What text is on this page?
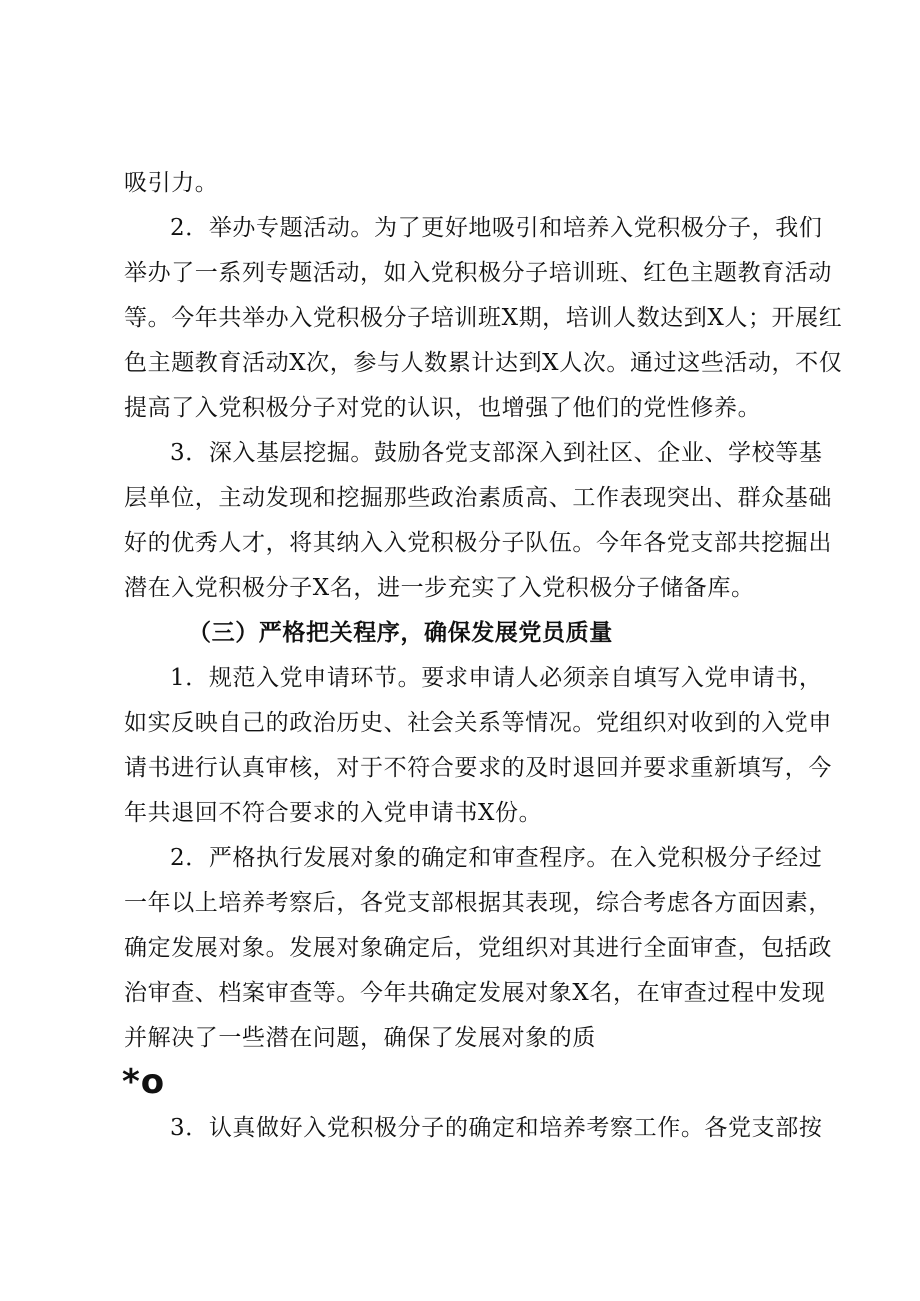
吸引力。
2．举办专题活动。为了更好地吸引和培养入党积极分子，我们
举办了一系列专题活动，如入党积极分子培训班、红色主题教育活动
等。今年共举办入党积极分子培训班X期，培训人数达到X人；开展红
色主题教育活动X次，参与人数累计达到X人次。通过这些活动，不仅
提高了入党积极分子对党的认识，也增强了他们的党性修养。
3．深入基层挖掘。鼓励各党支部深入到社区、企业、学校等基
层单位，主动发现和挖掘那些政治素质高、工作表现突出、群众基础
好的优秀人才，将其纳入入党积极分子队伍。今年各党支部共挖掘出
潜在入党积极分子X名，进一步充实了入党积极分子储备库。
（三）严格把关程序，确保发展党员质量
1．规范入党申请环节。要求申请人必须亲自填写入党申请书，
如实反映自己的政治历史、社会关系等情况。党组织对收到的入党申
请书进行认真审核，对于不符合要求的及时退回并要求重新填写，今
年共退回不符合要求的入党申请书X份。
2．严格执行发展对象的确定和审查程序。在入党积极分子经过
一年以上培养考察后，各党支部根据其表现，综合考虑各方面因素，
确定发展对象。发展对象确定后，党组织对其进行全面审查，包括政
治审查、档案审查等。今年共确定发展对象X名，在审查过程中发现
并解决了一些潜在问题，确保了发展对象的质
*o
3．认真做好入党积极分子的确定和培养考察工作。各党支部按
